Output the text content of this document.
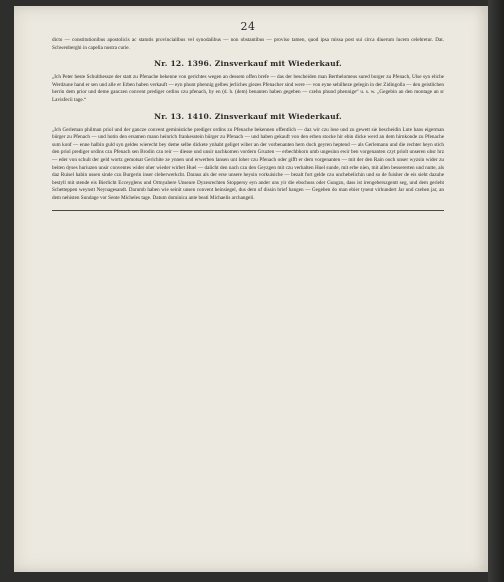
24

dicto — constitutionibus apostolicis ac statutis provincialibus vel synodalibus — non obstantibus — proviso tamen, quod ipsa missa post sui circa diuerum lucem celebretur. Dat. Schwenberghi in capella nostra curie.

Nr. 12. 1396. Zinsverkauf mit Wiederkauf.

„Ich Peter heste Schulthessze der statt zu Pfenache bekenne von gerichtes wegen an dessem offen brefe — das der bescheiden man Berthelomeus sured burger zu Pfenach, Ulse syn eliche Werdzune hand er sen und alle er Erben haben verkauft — eyn phunt phennig gelbes jerliches giezes Pfenacher sind were — von eyne sehilheze gelegin in der Zidingolla — den geistlichen herrin dem prior und deme ganczen convent prediger ordins czu pfenach, by en (d. h. (dem) benanten haben gegeben — czehn phund phennige“ u. s. w. „Gegebin an den montage an sr Lavisfecii tage.“

Nr. 13. 1410. Zinsverkauf mit Wiederkauf.

„Ich Gerleman philman priol und der gancze convent geministiche prediger ordins zu Pfenache bekennen offentlich — daz wir czu lose und zu gewett sie bescheidin Lute hans eigerman bürger zu Pfenach — und hotin den ersamen mann heinrich frankesstein bürger zu Pfenach — und haben gekauft von den erben stocke hir ebin dicke werd an dem hirnkonde zu Pfenache sum konf — enne halbin guld syn geldes wierecht bey deme selbe dickete ynhabt geliget wiber an der vorbenanten hern doch geyren heptend — als Gerlemann und die rechter heyn stich den priol prediger ordins czu Pfenach sen Brodin czu reir — diesse und unsir nachkomen vordern Gruzten — erbechbhorn umb ungesinn ewir ben vorgenanten czyt priolt unseren uhsr hrz — eder von schult der geld wortz gemotsat Gerichite ze ynnen und erwerben lansen unt loher czu Pfenach oder gifft er dem vorgenanten — mit der den Rain ouch unser wyzsin wider zu beiten dyses huriuzen unsir conventes wider oher wieder wirbet Huel — dalicht den nach czu den Geyzgen mit czu verhalten Huel sunde, mit erbe nien, mit allen bessererten und nutte, als daz Ruisel habin ussen sinde czu Burgerin inser cleberwerkcht. Daraus als der erse unsere heysin vorkuisiche — bezalt fort gelde czu unchebelichin und so de fuisher de eis sieht dazuhe bestyll mit stende eis Bierlicht Ecceyglens und Ortnyahere Unseure Dyzesrechten Stoppersy eyn ander uns yir die ebschuss oder Gungzu, dass ist irengeberszgentt seg, und dem gerieht Schetteppen weynstt Neynagesandt. Darumb haben wie seinit unsen convent heinsiegel, dus dem uf dissin brief hangen — Gegeben do man ebier tyseut virhundert Jar und czehen jar, an dem nehisten Sundage vor Sente Micheles tage. Datum dominica ante beati Michaelis archangeli.
